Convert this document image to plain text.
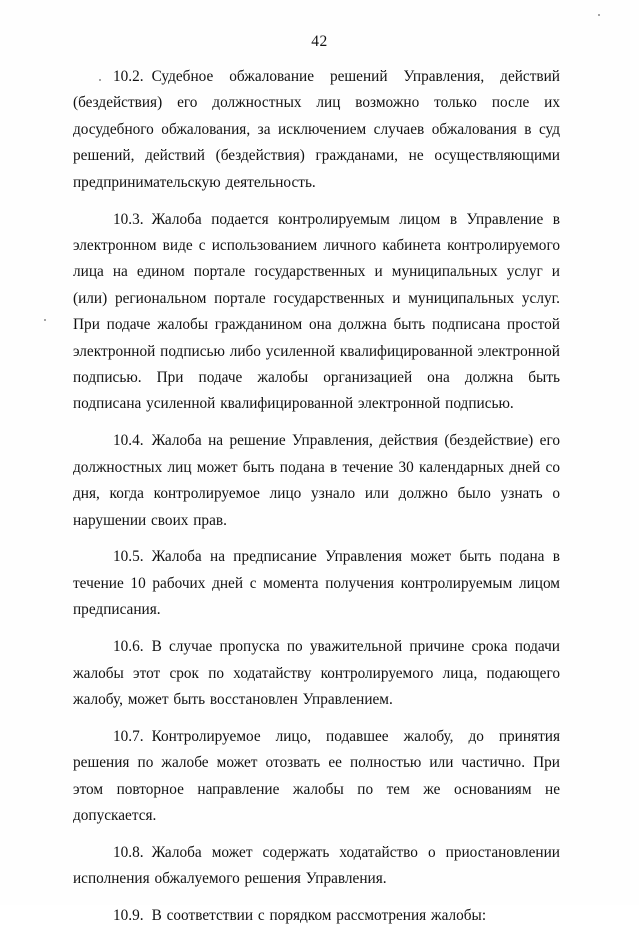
42

10.2. Судебное обжалование решений Управления, действий (бездействия) его должностных лиц возможно только после их досудебного обжалования, за исключением случаев обжалования в суд решений, действий (бездействия) гражданами, не осуществляющими предпринимательскую деятельность.

10.3. Жалоба подается контролируемым лицом в Управление в электронном виде с использованием личного кабинета контролируемого лица на едином портале государственных и муниципальных услуг и (или) региональном портале государственных и муниципальных услуг. При подаче жалобы гражданином она должна быть подписана простой электронной подписью либо усиленной квалифицированной электронной подписью. При подаче жалобы организацией она должна быть подписана усиленной квалифицированной электронной подписью.

10.4. Жалоба на решение Управления, действия (бездействие) его должностных лиц может быть подана в течение 30 календарных дней со дня, когда контролируемое лицо узнало или должно было узнать о нарушении своих прав.

10.5. Жалоба на предписание Управления может быть подана в течение 10 рабочих дней с момента получения контролируемым лицом предписания.

10.6. В случае пропуска по уважительной причине срока подачи жалобы этот срок по ходатайству контролируемого лица, подающего жалобу, может быть восстановлен Управлением.

10.7. Контролируемое лицо, подавшее жалобу, до принятия решения по жалобе может отозвать ее полностью или частично. При этом повторное направление жалобы по тем же основаниям не допускается.

10.8. Жалоба может содержать ходатайство о приостановлении исполнения обжалуемого решения Управления.

10.9. В соответствии с порядком рассмотрения жалобы:
